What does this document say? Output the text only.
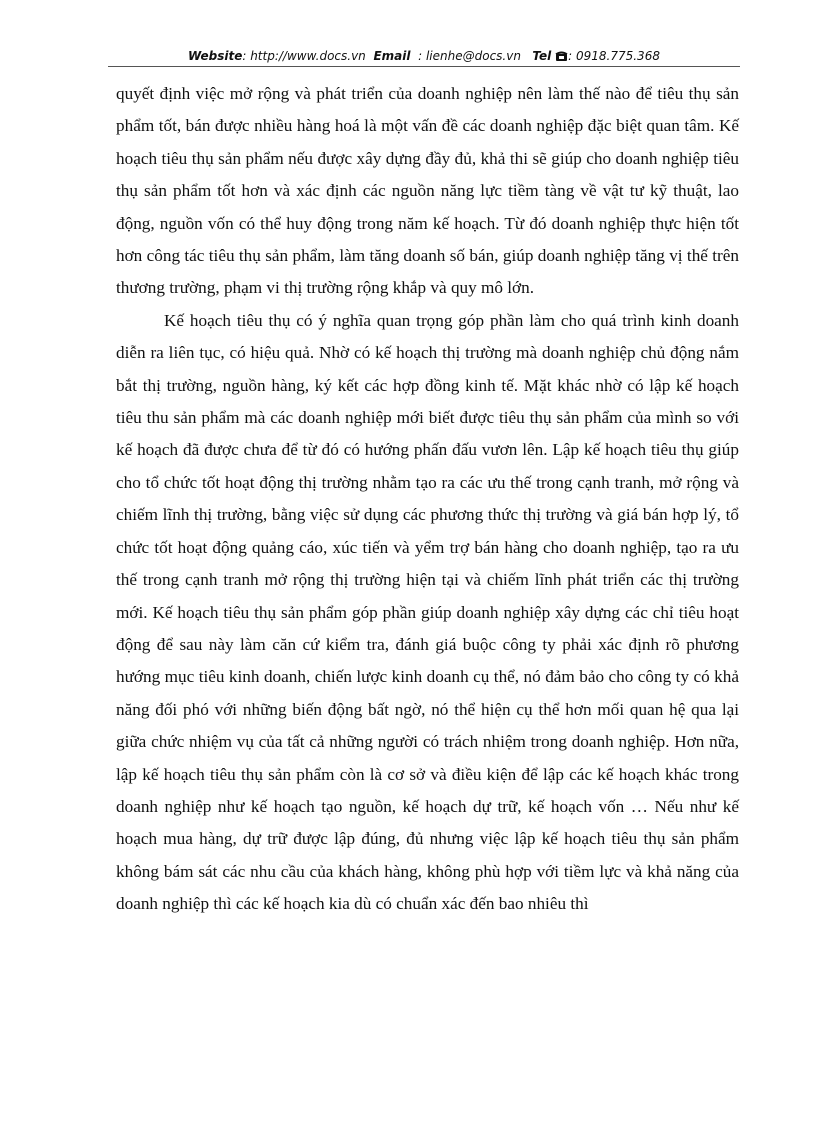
Website: http://www.docs.vn Email : lienhe@docs.vn Tel : 0918.775.368

quyết định việc mở rộng và phát triển của doanh nghiệp nên làm thế nào để tiêu thụ sản phẩm tốt, bán được nhiều hàng hoá là một vấn đề các doanh nghiệp đặc biệt quan tâm. Kế hoạch tiêu thụ sản phẩm nếu được xây dựng đầy đủ, khả thi sẽ giúp cho doanh nghiệp tiêu thụ sản phẩm tốt hơn và xác định các nguồn năng lực tiềm tàng về vật tư kỹ thuật, lao động, nguồn vốn có thể huy động trong năm kế hoạch. Từ đó doanh nghiệp thực hiện tốt hơn công tác tiêu thụ sản phẩm, làm tăng doanh số bán, giúp doanh nghiệp tăng vị thế trên thương trường, phạm vi thị trường rộng khắp và quy mô lớn.

Kế hoạch tiêu thụ có ý nghĩa quan trọng góp phần làm cho quá trình kinh doanh diễn ra liên tục, có hiệu quả. Nhờ có kế hoạch thị trường mà doanh nghiệp chủ động nắm bắt thị trường, nguồn hàng, ký kết các hợp đồng kinh tế. Mặt khác nhờ có lập kế hoạch tiêu thu sản phẩm mà các doanh nghiệp mới biết được tiêu thụ sản phẩm của mình so với kế hoạch đã được chưa để từ đó có hướng phấn đấu vươn lên. Lập kế hoạch tiêu thụ giúp cho tổ chức tốt hoạt động thị trường nhằm tạo ra các ưu thế trong cạnh tranh, mở rộng và chiếm lĩnh thị trường, bằng việc sử dụng các phương thức thị trường và giá bán hợp lý, tổ chức tốt hoạt động quảng cáo, xúc tiến và yểm trợ bán hàng cho doanh nghiệp, tạo ra ưu thế trong cạnh tranh mở rộng thị trường hiện tại và chiếm lĩnh phát triển các thị trường mới. Kế hoạch tiêu thụ sản phẩm góp phần giúp doanh nghiệp xây dựng các chỉ tiêu hoạt động để sau này làm căn cứ kiểm tra, đánh giá buộc công ty phải xác định rõ phương hướng mục tiêu kinh doanh, chiến lược kinh doanh cụ thể, nó đảm bảo cho công ty có khả năng đối phó với những biến động bất ngờ, nó thể hiện cụ thể hơn mối quan hệ qua lại giữa chức nhiệm vụ của tất cả những người có trách nhiệm trong doanh nghiệp. Hơn nữa, lập kế hoạch tiêu thụ sản phẩm còn là cơ sở và điều kiện để lập các kế hoạch khác trong doanh nghiệp như kế hoạch tạo nguồn, kế hoạch dự trữ, kế hoạch vốn … Nếu như kế hoạch mua hàng, dự trữ được lập đúng, đủ nhưng việc lập kế hoạch tiêu thụ sản phẩm không bám sát các nhu cầu của khách hàng, không phù hợp với tiềm lực và khả năng của doanh nghiệp thì các kế hoạch kia dù có chuẩn xác đến bao nhiêu thì
